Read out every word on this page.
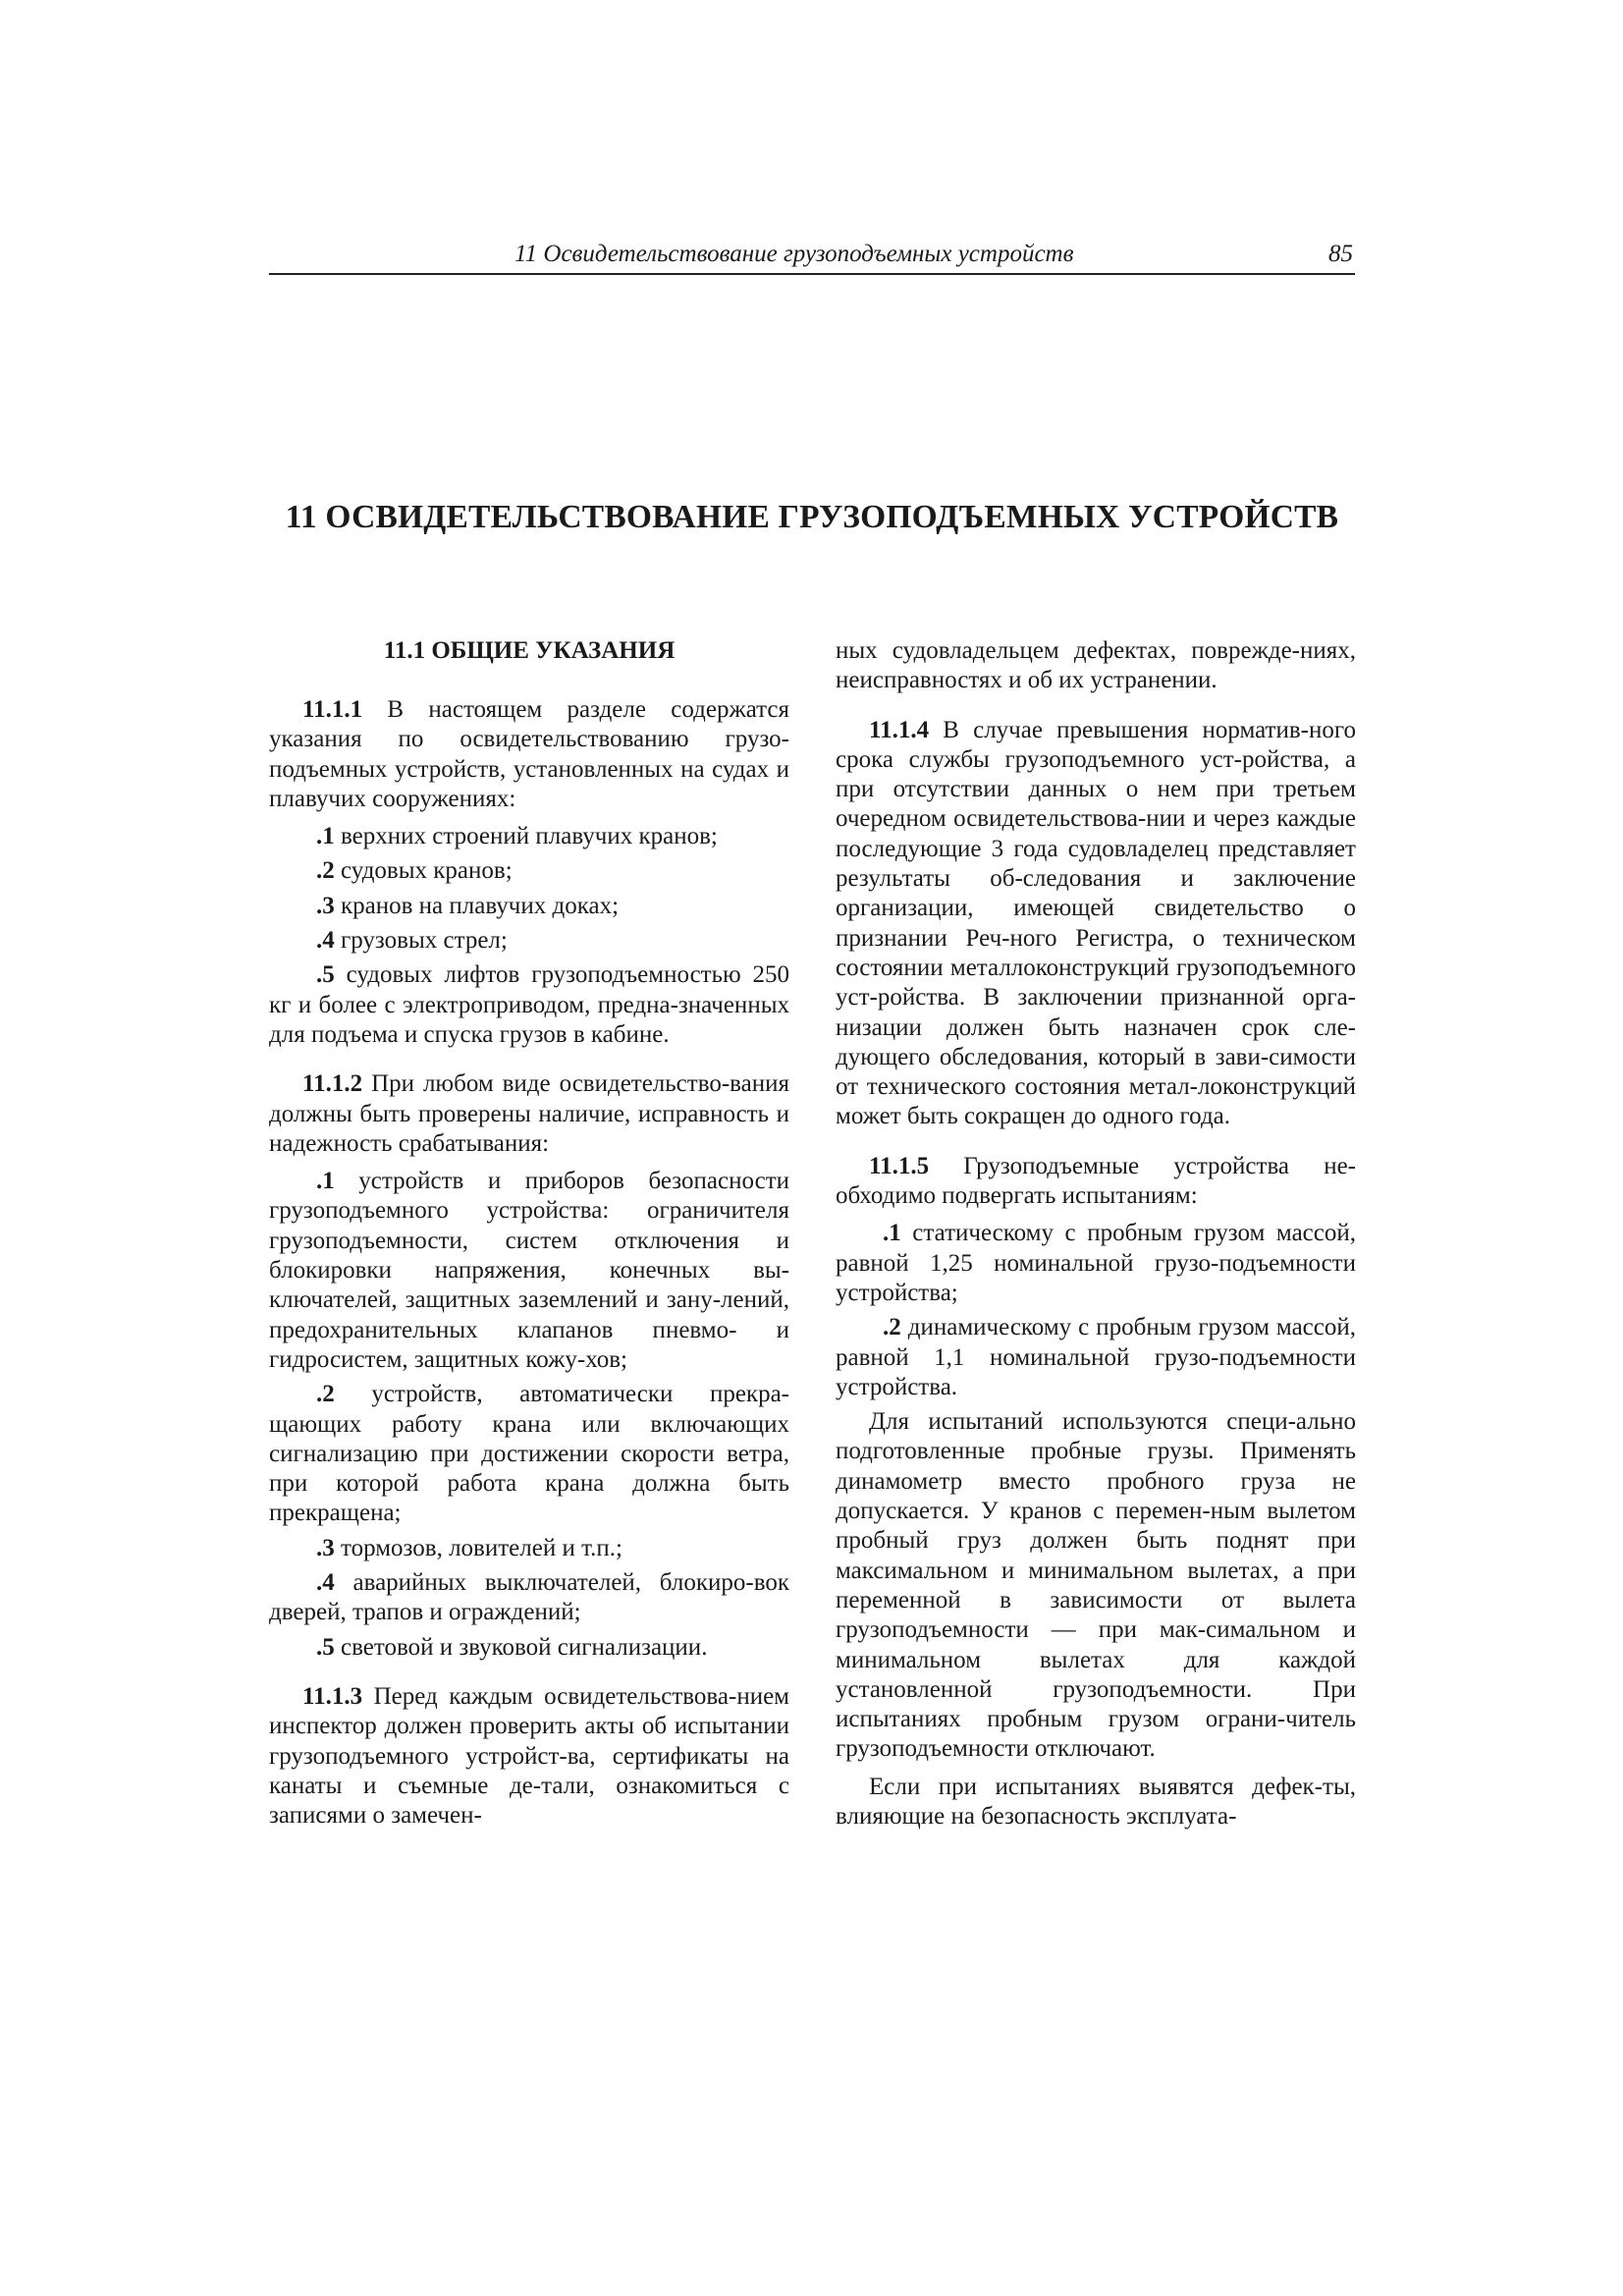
11 Освидетельствование грузоподъемных устройств	85
11 ОСВИДЕТЕЛЬСТВОВАНИЕ ГРУЗОПОДЪЕМНЫХ УСТРОЙСТВ
11.1 ОБЩИЕ УКАЗАНИЯ

11.1.1 В настоящем разделе содержатся указания по освидетельствованию грузо-подъемных устройств, установленных на судах и плавучих сооружениях:

.1 верхних строений плавучих кранов;

.2 судовых кранов;

.3 кранов на плавучих доках;

.4 грузовых стрел;

.5 судовых лифтов грузоподъемностью 250 кг и более с электроприводом, предна-значенных для подъема и спуска грузов в кабине.

11.1.2 При любом виде освидетельство-вания должны быть проверены наличие, исправность и надежность срабатывания:

.1 устройств и приборов безопасности грузоподъемного устройства: ограничителя грузоподъемности, систем отключения и блокировки напряжения, конечных вы-ключателей, защитных заземлений и зану-лений, предохранительных клапанов пневмо- и гидросистем, защитных кожу-хов;

.2 устройств, автоматически прекра-щающих работу крана или включающих сигнализацию при достижении скорости ветра, при которой работа крана должна быть прекращена;

.3 тормозов, ловителей и т.п.;

.4 аварийных выключателей, блокиро-вок дверей, трапов и ограждений;

.5 световой и звуковой сигнализации.

11.1.3 Перед каждым освидетельствова-нием инспектор должен проверить акты об испытании грузоподъемного устройст-ва, сертификаты на канаты и съемные де-тали, ознакомиться с записями о замечен-

ных судовладельцем дефектах, поврежде-ниях, неисправностях и об их устранении.

11.1.4 В случае превышения норматив-ного срока службы грузоподъемного уст-ройства, а при отсутствии данных о нем при третьем очередном освидетельствова-нии и через каждые последующие 3 года судовладелец представляет результаты об-следования и заключение организации, имеющей свидетельство о признании Реч-ного Регистра, о техническом состоянии металлоконструкций грузоподъемного уст-ройства. В заключении признанной орга-низации должен быть назначен срок сле-дующего обследования, который в зави-симости от технического состояния метал-локонструкций может быть сокращен до одного года.

11.1.5 Грузоподъемные устройства не-обходимо подвергать испытаниям:

.1 статическому с пробным грузом массой, равной 1,25 номинальной грузо-подъемности устройства;

.2 динамическому с пробным грузом массой, равной 1,1 номинальной грузо-подъемности устройства.

Для испытаний используются специ-ально подготовленные пробные грузы. Применять динамометр вместо пробного груза не допускается. У кранов с перемен-ным вылетом пробный груз должен быть поднят при максимальном и минимальном вылетах, а при переменной в зависимости от вылета грузоподъемности — при мак-симальном и минимальном вылетах для каждой установленной грузоподъемности. При испытаниях пробным грузом ограни-читель грузоподъемности отключают.

Если при испытаниях выявятся дефек-ты, влияющие на безопасность эксплуата-
